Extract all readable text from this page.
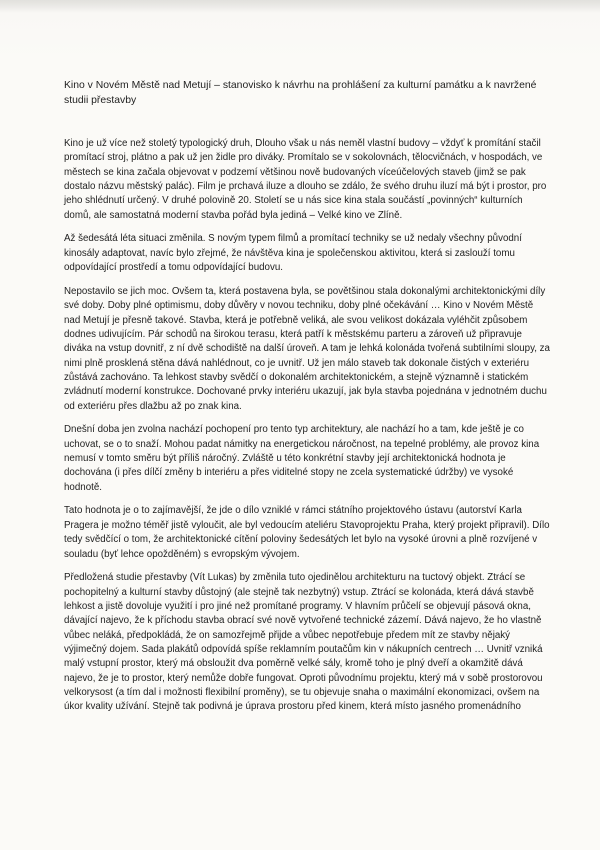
Kino v Novém Městě nad Metují – stanovisko k návrhu na prohlášení za kulturní památku a k navržené studii přestavby

Kino je už více než stoletý typologický druh, Dlouho však u nás neměl vlastní budovy – vždyť k promítání stačil promítací stroj, plátno a pak už jen židle pro diváky. Promítalo se v sokolovnách, tělocvičnách, v hospodách, ve městech se kina začala objevovat v podzemí většinou nově budovaných víceúčelových staveb (jimž se pak dostalo názvu městský palác). Film je prchavá iluze a dlouho se zdálo, že svého druhu iluzí má být i prostor, pro jeho shlédnutí určený. V druhé polovině 20. Století se u nás sice kina stala součástí „povinných“ kulturních domů, ale samostatná moderní stavba pořád byla jediná – Velké kino ve Zlíně.

Až šedesátá léta situaci změnila. S novým typem filmů a promítací techniky se už nedaly všechny původní kinosály adaptovat, navíc bylo zřejmé, že návštěva kina je společenskou aktivitou, která si zaslouží tomu odpovídající prostředí a tomu odpovídající budovu.

Nepostavilo se jich moc. Ovšem ta, která postavena byla, se povětšinou stala dokonalými architektonickými díly své doby. Doby plné optimismu, doby důvěry v novou techniku, doby plné očekávání … Kino v Novém Městě nad Metují je přesně takové. Stavba, která je potřebně veliká, ale svou velikost dokázala vyléhčit způsobem dodnes udivujícím. Pár schodů na širokou terasu, která patří k městskému parteru a zároveň už připravuje diváka na vstup dovnitř, z ní dvě schodiště na další úroveň. A tam je lehká kolonáda tvořená subtilními sloupy, za nimi plně prosklená stěna dává nahlédnout, co je uvnitř. Už jen málo staveb tak dokonale čistých v exteriéru zůstává zachováno. Ta lehkost stavby svědčí o dokonalém architektonickém, a stejně významně i statickém zvládnutí moderní konstrukce. Dochované prvky interiéru ukazují, jak byla stavba pojednána v jednotném duchu od exteriéru přes dlažbu až po znak kina.

Dnešní doba jen zvolna nachází pochopení pro tento typ architektury, ale nachází ho a tam, kde ještě je co uchovat, se o to snaží. Mohou padat námitky na energetickou náročnost, na tepelné problémy, ale provoz kina nemusí v tomto směru být příliš náročný. Zvláště u této konkrétní stavby její architektonická hodnota je dochována (i přes dílčí změny b interiéru a přes viditelné stopy ne zcela systematické údržby) ve vysoké hodnotě.

Tato hodnota je o to zajímavější, že jde o dílo vzniklé v rámci státního projektového ústavu (autorství Karla Pragera je možno téměř jistě vyloučit, ale byl vedoucím ateliéru Stavoprojektu Praha, který projekt připravil). Dílo tedy svědčící o tom, že architektonické cítění poloviny šedesátých let bylo na vysoké úrovni a plně rozvíjené v souladu (byť lehce opožděném) s evropským vývojem.

Předložená studie přestavby (Vít Lukas) by změnila tuto ojedinělou architekturu na tuctový objekt. Ztrácí se pochopitelný a kulturní stavby důstojný (ale stejně tak nezbytný) vstup. Ztrácí se kolonáda, která dává stavbě lehkost a jistě dovoluje využití i pro jiné než promítané programy. V hlavním průčelí se objevují pásová okna, dávající najevo, že k příchodu stavba obrací své nově vytvořené technické zázemí. Dává najevo, že ho vlastně vůbec neláká, předpokládá, že on samozřejmě přijde a vůbec nepotřebuje předem mít ze stavby nějaký výjimečný dojem. Sada plakátů odpovídá spíše reklamním poutačům kin v nákupních centrech … Uvnitř vzniká malý vstupní prostor, který má obsloužit dva poměrně velké sály, kromě toho je plný dveří a okamžitě dává najevo, že je to prostor, který nemůže dobře fungovat. Oproti původnímu projektu, který má v sobě prostorovou velkorysost (a tím dal i možnosti flexibilní proměny), se tu objevuje snaha o maximální ekonomizaci, ovšem na úkor kvality užívání. Stejně tak podivná je úprava prostoru před kinem, která místo jasného promenádního
